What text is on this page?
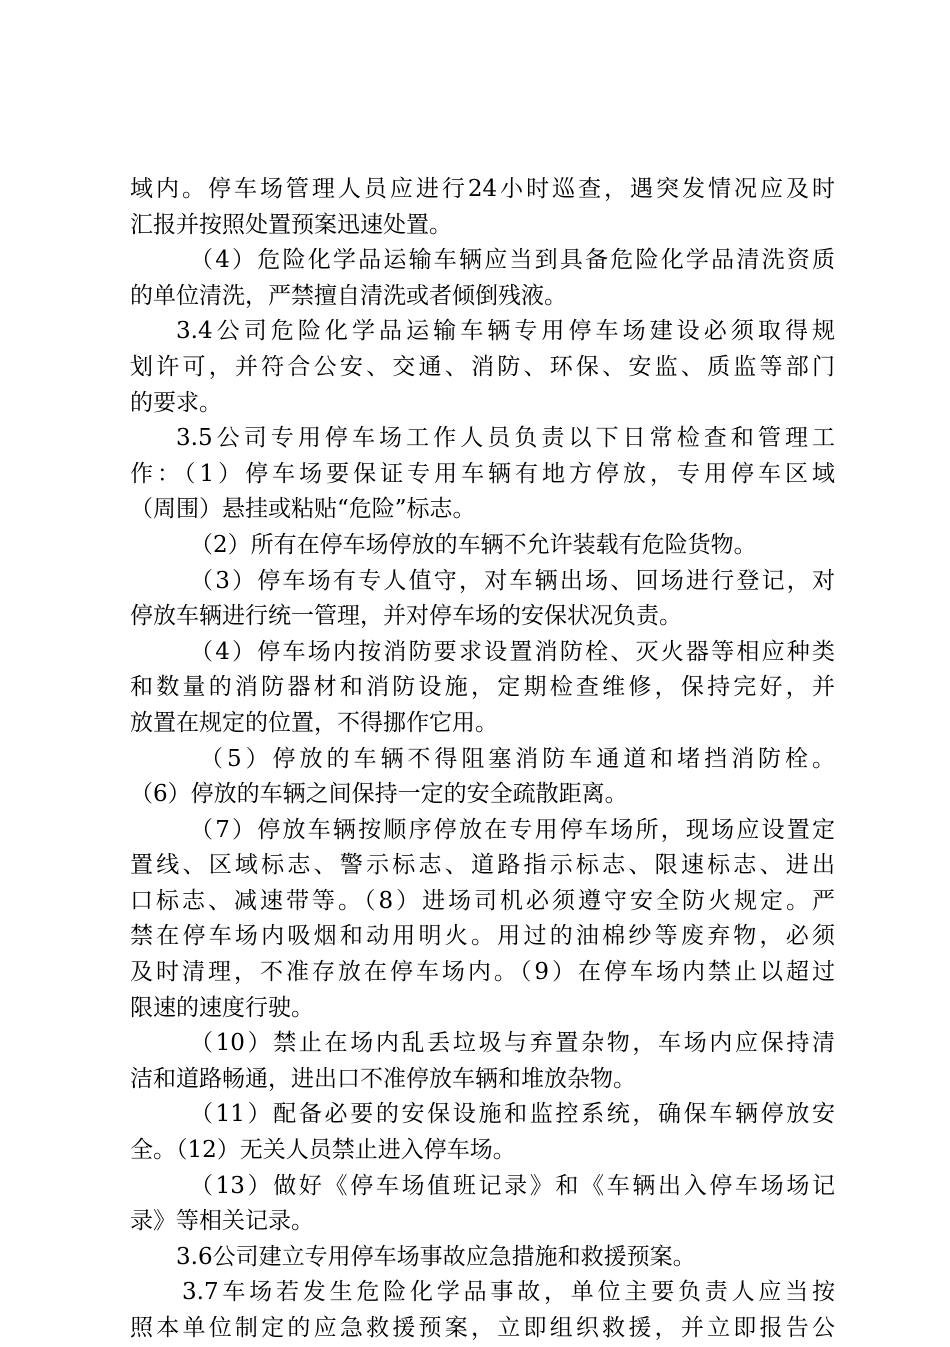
域内。停车场管理人员应进行24小时巡查，遇突发情况应及时
汇报并按照处置预案迅速处置。
（4）危险化学品运输车辆应当到具备危险化学品清洗资质
的单位清洗，严禁擅自清洗或者倾倒残液。
3.4公司危险化学品运输车辆专用停车场建设必须取得规
划许可，并符合公安、交通、消防、环保、安监、质监等部门
的要求。
3.5公司专用停车场工作人员负责以下日常检查和管理工
作：（1）停车场要保证专用车辆有地方停放，专用停车区域
（周围）悬挂或粘贴“危险”标志。
（2）所有在停车场停放的车辆不允许装载有危险货物。
（3）停车场有专人值守，对车辆出场、回场进行登记，对
停放车辆进行统一管理，并对停车场的安保状况负责。
（4）停车场内按消防要求设置消防栓、灭火器等相应种类
和数量的消防器材和消防设施，定期检查维修，保持完好，并
放置在规定的位置，不得挪作它用。
（5）停放的车辆不得阻塞消防车通道和堵挡消防栓。
（6）停放的车辆之间保持一定的安全疏散距离。
（7）停放车辆按顺序停放在专用停车场所，现场应设置定
置线、区域标志、警示标志、道路指示标志、限速标志、进出
口标志、减速带等。（8）进场司机必须遵守安全防火规定。严
禁在停车场内吸烟和动用明火。用过的油棉纱等废弃物，必须
及时清理，不准存放在停车场内。（9）在停车场内禁止以超过
限速的速度行驶。
（10）禁止在场内乱丢垃圾与弃置杂物，车场内应保持清
洁和道路畅通，进出口不准停放车辆和堆放杂物。
（11）配备必要的安保设施和监控系统，确保车辆停放安
全。（12）无关人员禁止进入停车场。
（13）做好《停车场值班记录》和《车辆出入停车场场记
录》等相关记录。
3.6公司建立专用停车场事故应急措施和救援预案。
3.7车场若发生危险化学品事故，单位主要负责人应当按
照本单位制定的应急救援预案，立即组织救援，并立即报告公
